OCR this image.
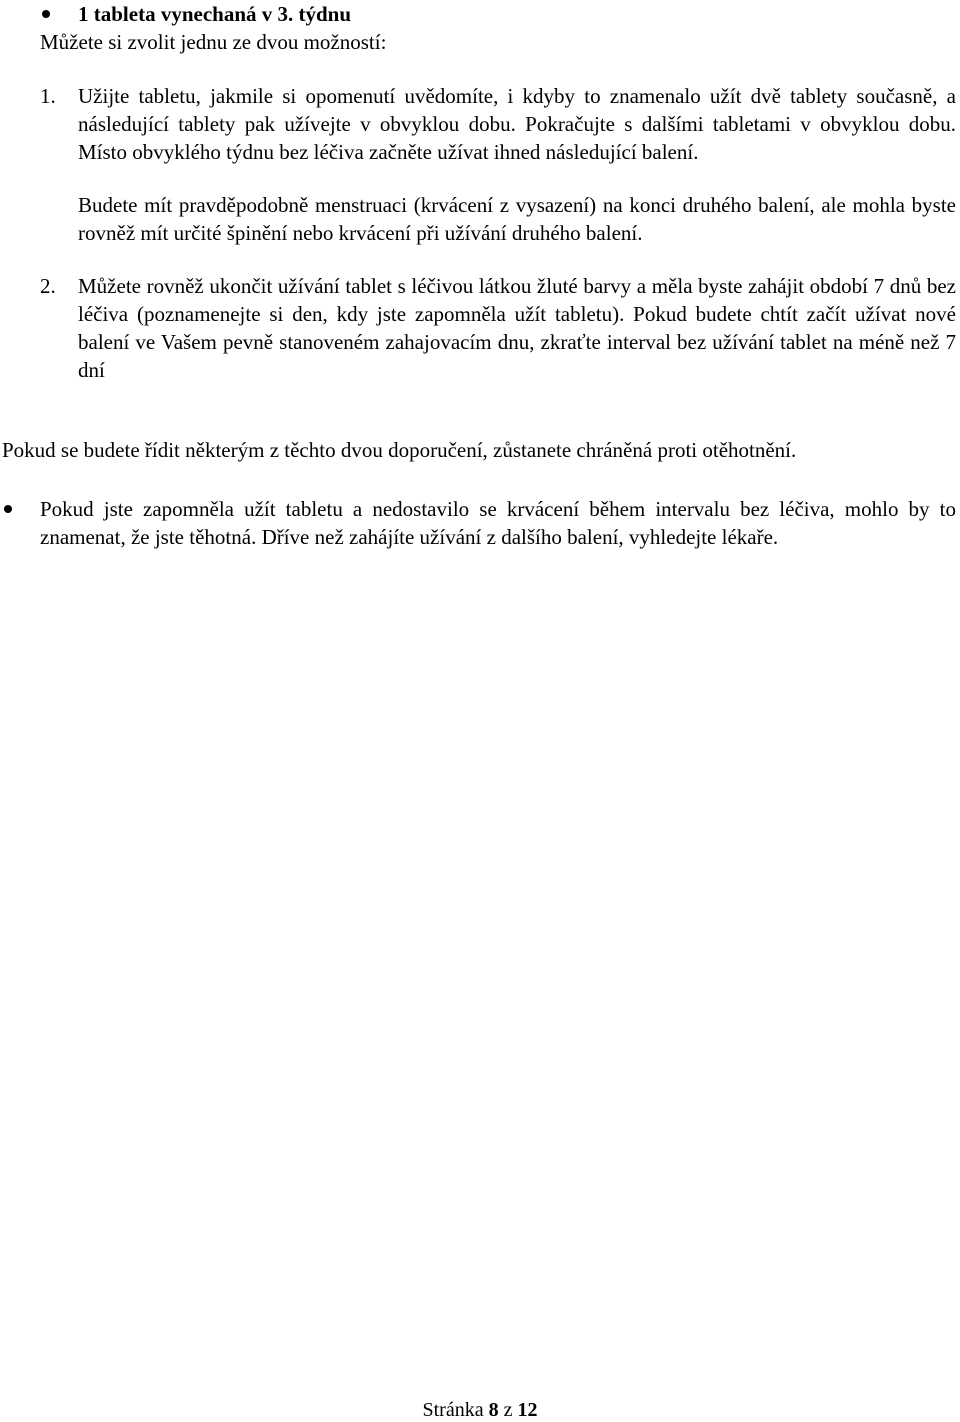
1 tableta vynechaná v 3. týdnu
Můžete si zvolit jednu ze dvou možností:
1. Užijte tabletu, jakmile si opomenutí uvědomíte, i kdyby to znamenalo užít dvě tablety současně, a následující tablety pak užívejte v obvyklou dobu. Pokračujte s dalšími tabletami v obvyklou dobu. Místo obvyklého týdnu bez léčiva začněte užívat ihned následující balení.
Budete mít pravděpodobně menstruaci (krvácení z vysazení) na konci druhého balení, ale mohla byste rovněž mít určité špinění nebo krvácení při užívání druhého balení.
2. Můžete rovněž ukončit užívání tablet s léčivou látkou žluté barvy a měla byste zahájit období 7 dnů bez léčiva (poznamenejte si den, kdy jste zapomněla užít tabletu). Pokud budete chtít začít užívat nové balení ve Vašem pevně stanoveném zahajovacím dnu, zkraťte interval bez užívání tablet na méně než 7 dní
Pokud se budete řídit některým z těchto dvou doporučení, zůstanete chráněná proti otěhotnění.
Pokud jste zapomněla užít tabletu a nedostavilo se krvácení během intervalu bez léčiva, mohlo by to znamenat, že jste těhotná. Dříve než zahájíte užívání z dalšího balení, vyhledejte lékaře.
Stránka 8 z 12
